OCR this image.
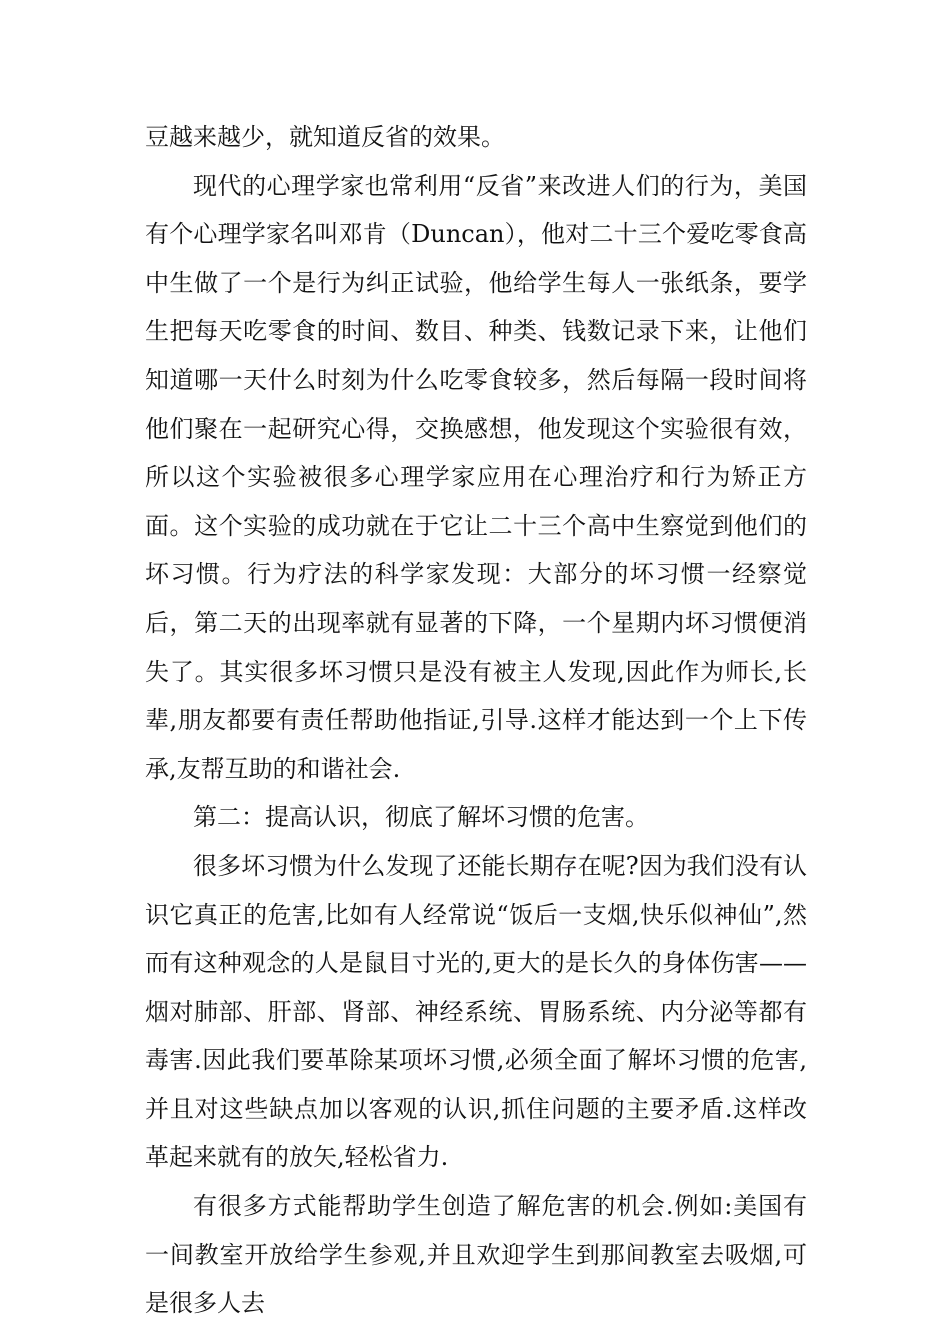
豆越来越少，就知道反省的效果。

现代的心理学家也常利用“反省”来改进人们的行为，美国有个心理学家名叫邓肯（Duncan），他对二十三个爱吃零食高中生做了一个是行为纠正试验，他给学生每人一张纸条，要学生把每天吃零食的时间、数目、种类、钱数记录下来，让他们知道哪一天什么时刻为什么吃零食较多，然后每隔一段时间将他们聚在一起研究心得，交换感想，他发现这个实验很有效，所以这个实验被很多心理学家应用在心理治疗和行为矫正方面。这个实验的成功就在于它让二十三个高中生察觉到他们的坏习惯。行为疗法的科学家发现：大部分的坏习惯一经察觉后，第二天的出现率就有显著的下降，一个星期内坏习惯便消失了。其实很多坏习惯只是没有被主人发现,因此作为师长,长辈,朋友都要有责任帮助他指证,引导.这样才能达到一个上下传承,友帮互助的和谐社会.

第二：提高认识，彻底了解坏习惯的危害。

很多坏习惯为什么发现了还能长期存在呢?因为我们没有认识它真正的危害,比如有人经常说“饭后一支烟,快乐似神仙”,然而有这种观念的人是鼠目寸光的,更大的是长久的身体伤害——烟对肺部、肝部、肾部、神经系统、胃肠系统、内分泌等都有毒害.因此我们要革除某项坏习惯,必须全面了解坏习惯的危害,并且对这些缺点加以客观的认识,抓住问题的主要矛盾.这样改革起来就有的放矢,轻松省力.

有很多方式能帮助学生创造了解危害的机会.例如:美国有一间教室开放给学生参观,并且欢迎学生到那间教室去吸烟,可是很多人去
